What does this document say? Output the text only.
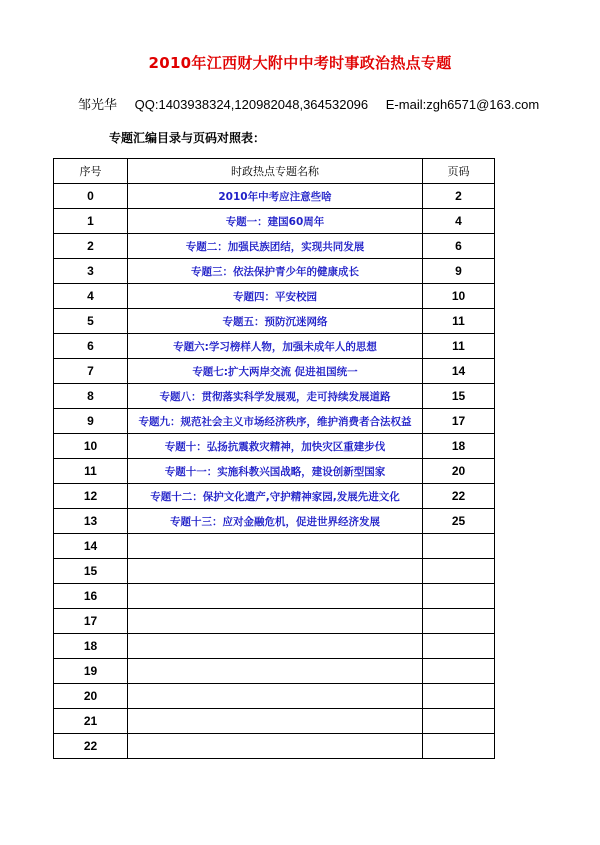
2010年江西财大附中中考时事政治热点专题
邹光华 QQ:1403938324,120982048,364532096 E-mail:zgh6571@163.com
专题汇编目录与页码对照表：
序号	时政热点专题名称	页码
0	2010年中考应注意些啥	2
1	专题一：建国60周年	4
2	专题二：加强民族团结，实现共同发展	6
3	专题三：依法保护青少年的健康成长	9
4	专题四：平安校园	10
5	专题五：预防沉迷网络	11
6	专题六:学习榜样人物，加强未成年人的思想	11
7	专题七:扩大两岸交流 促进祖国统一	14
8	专题八：贯彻落实科学发展观，走可持续发展道路	15
9	专题九：规范社会主义市场经济秩序，维护消费者合法权益	17
10	专题十：弘扬抗震救灾精神，加快灾区重建步伐	18
11	专题十一：实施科教兴国战略，建设创新型国家	20
12	专题十二：保护文化遗产,守护精神家园,发展先进文化	22
13	专题十三：应对金融危机，促进世界经济发展	25
14		
15		
16		
17		
18		
19		
20		
21		
22		
